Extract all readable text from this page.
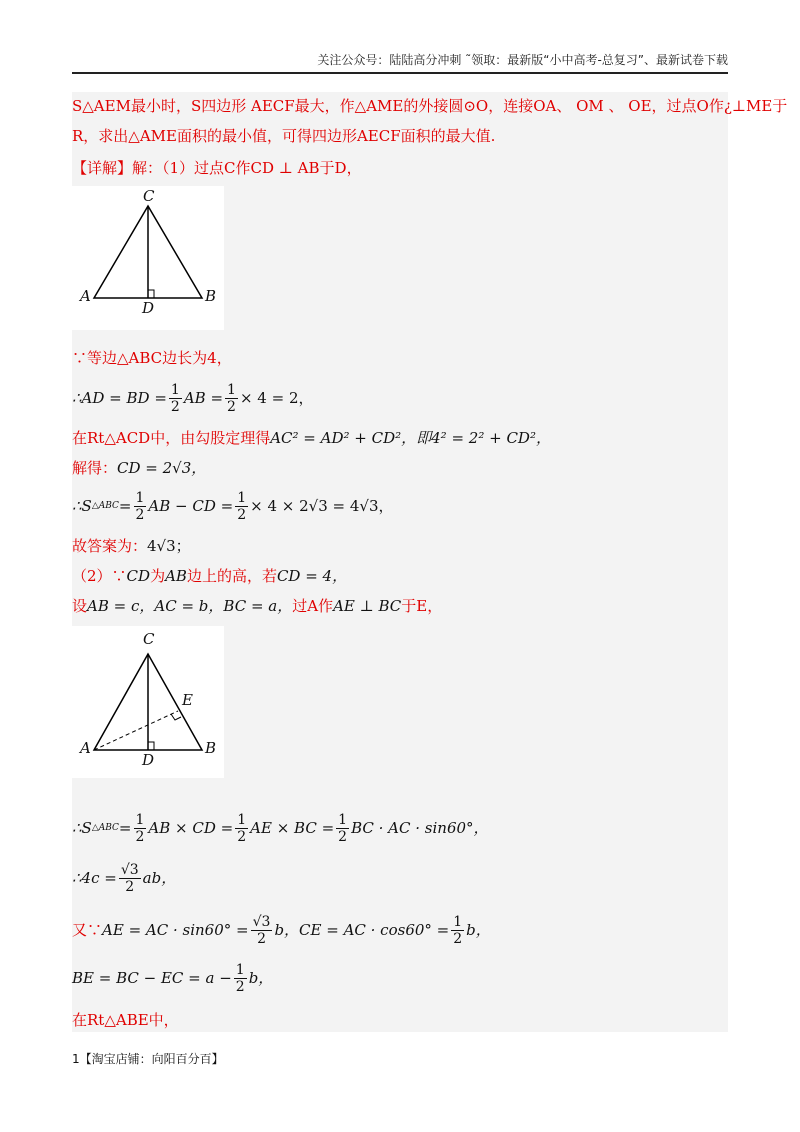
关注公众号：陆陆高分冲刺 ˜领取：最新版“小中高考-总复习”、最新试卷下载
S△AEM最小时，S四边形 AECF最大，作△AME的外接圆⊙O，连接OA、 OM 、 OE，过点O作¿⊥ME于
R，求出△AME面积的最小值，可得四边形AECF面积的最大值.
【详解】解：（1）过点C作CD ⊥ AB于D，
C
A	B
D
∵等边△ABC边长为4，
∴AD = BD = $\frac{1}{2}$ AB = $\frac{1}{2} \times 4 = 2$，
在Rt△ACD中，由勾股定理得AC² = AD² + CD²，即4² = 2² + CD²，
解得：CD = 2√3，
∴S △ABC = $\frac{1}{2}$ AB − CD = $\frac{1}{2} \times 4 \times 2√3 = 4√3$，
故答案为：4√3；
（2）∵CD为AB边上的高，若CD = 4，
设AB = c，AC = b，BC = a，过A作AE ⊥ BC于E，
C
E
A	B
D
∴S △ABC = $\frac{1}{2}$ AB × CD = $\frac{1}{2}$ AE × BC = $\frac{1}{2}$ BC · AC · sin60°，
∴4c = $\frac{√3}{2}$ ab，
又∵ AE = AC · $\sin 60^\circ = \frac{√3}{2}$ b，CE = AC · $\cos 60^\circ = \frac{1}{2}$ b，
BE = BC − EC = $a - \frac{1}{2}$ b，
在Rt△ABE中，
1【淘宝店铺：向阳百分百】
